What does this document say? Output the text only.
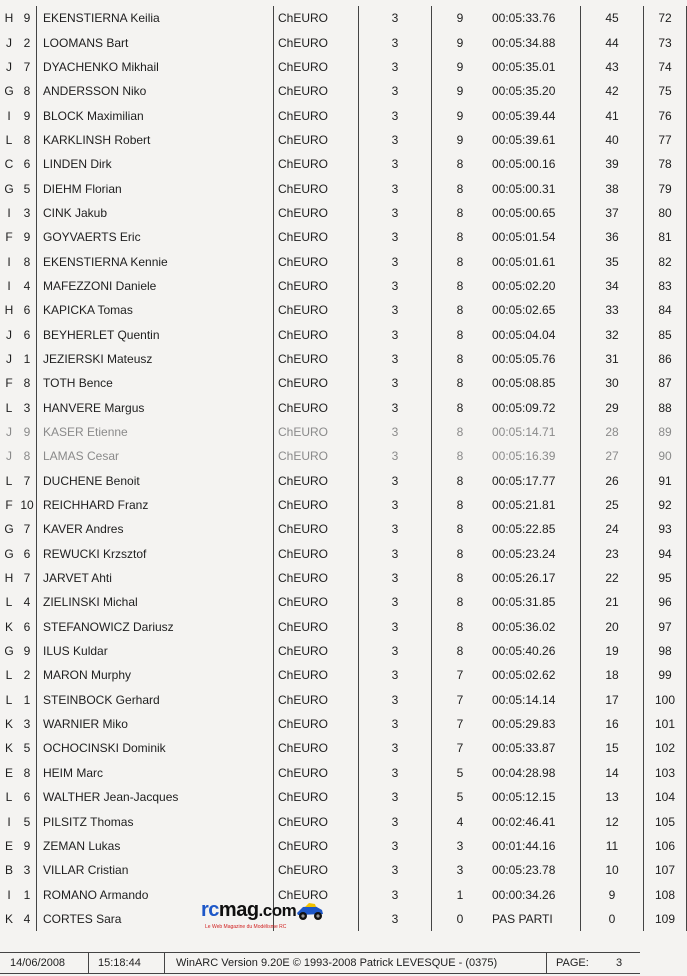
H	9	EKENSTIERNA Keilia	ChEURO	3	9	00:05:33.76	45	72
J	2	LOOMANS Bart	ChEURO	3	9	00:05:34.88	44	73
J	7	DYACHENKO Mikhail	ChEURO	3	9	00:05:35.01	43	74
G	8	ANDERSSON Niko	ChEURO	3	9	00:05:35.20	42	75
I	9	BLOCK Maximilian	ChEURO	3	9	00:05:39.44	41	76
L	8	KARKLINSH Robert	ChEURO	3	9	00:05:39.61	40	77
C	6	LINDEN Dirk	ChEURO	3	8	00:05:00.16	39	78
G	5	DIEHM Florian	ChEURO	3	8	00:05:00.31	38	79
I	3	CINK Jakub	ChEURO	3	8	00:05:00.65	37	80
F	9	GOYVAERTS Eric	ChEURO	3	8	00:05:01.54	36	81
I	8	EKENSTIERNA Kennie	ChEURO	3	8	00:05:01.61	35	82
I	4	MAFEZZONI Daniele	ChEURO	3	8	00:05:02.20	34	83
H	6	KAPICKA Tomas	ChEURO	3	8	00:05:02.65	33	84
J	6	BEYHERLET Quentin	ChEURO	3	8	00:05:04.04	32	85
J	1	JEZIERSKI Mateusz	ChEURO	3	8	00:05:05.76	31	86
F	8	TOTH Bence	ChEURO	3	8	00:05:08.85	30	87
L	3	HANVERE Margus	ChEURO	3	8	00:05:09.72	29	88
J	9	KASER Etienne	ChEURO	3	8	00:05:14.71	28	89
J	8	LAMAS Cesar	ChEURO	3	8	00:05:16.39	27	90
L	7	DUCHENE Benoit	ChEURO	3	8	00:05:17.77	26	91
F	10	REICHHARD Franz	ChEURO	3	8	00:05:21.81	25	92
G	7	KAVER Andres	ChEURO	3	8	00:05:22.85	24	93
G	6	REWUCKI Krzsztof	ChEURO	3	8	00:05:23.24	23	94
H	7	JARVET Ahti	ChEURO	3	8	00:05:26.17	22	95
L	4	ZIELINSKI Michal	ChEURO	3	8	00:05:31.85	21	96
K	6	STEFANOWICZ Dariusz	ChEURO	3	8	00:05:36.02	20	97
G	9	ILUS Kuldar	ChEURO	3	8	00:05:40.26	19	98
L	2	MARON Murphy	ChEURO	3	7	00:05:02.62	18	99
L	1	STEINBOCK Gerhard	ChEURO	3	7	00:05:14.14	17	100
K	3	WARNIER Miko	ChEURO	3	7	00:05:29.83	16	101
K	5	OCHOCINSKI Dominik	ChEURO	3	7	00:05:33.87	15	102
E	8	HEIM Marc	ChEURO	3	5	00:04:28.98	14	103
L	6	WALTHER Jean-Jacques	ChEURO	3	5	00:05:12.15	13	104
I	5	PILSITZ Thomas	ChEURO	3	4	00:02:46.41	12	105
E	9	ZEMAN Lukas	ChEURO	3	3	00:01:44.16	11	106
B	3	VILLAR Cristian	ChEURO	3	3	00:05:23.78	10	107
I	1	ROMANO Armando	ChEURO	3	1	00:00:34.26	9	108
K	4	CORTES Sara		3	0	PAS PARTI	0	109
rcmag.com
Le Web Magazine du Modélisme RC
14/06/2008	15:18:44	WinARC Version 9.20E © 1993-2008 Patrick LEVESQUE - (0375)	PAGE: 3
